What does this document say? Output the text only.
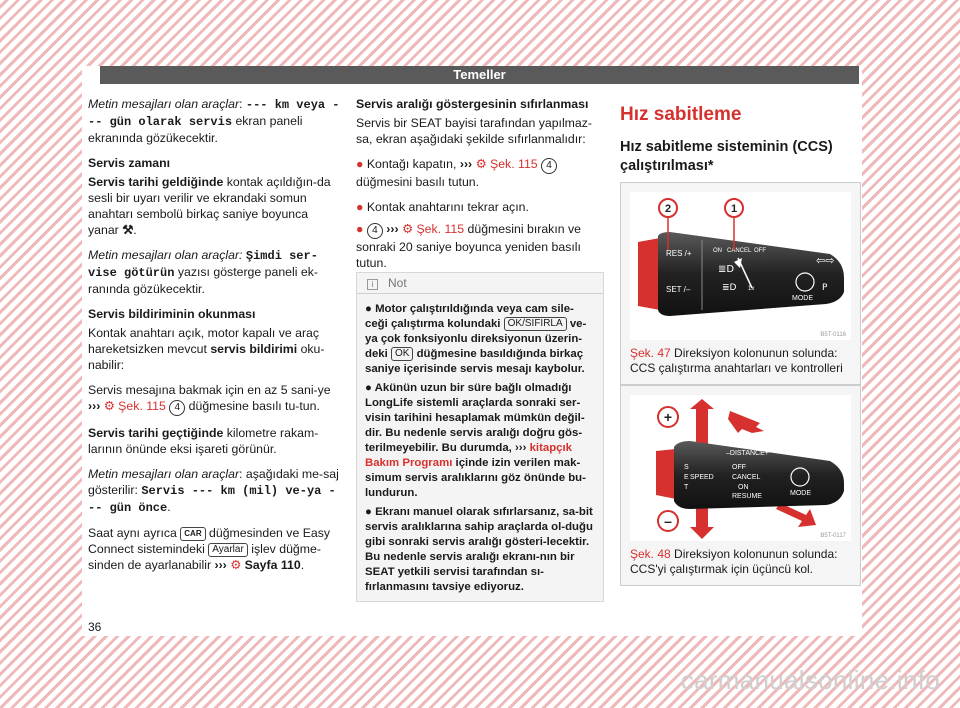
Temeller

Metin mesajları olan araçlar: --- km veya --- gün olarak servis ekran paneli ekranında gözükecektir.

Servis zamanı

Servis tarihi geldiğinde kontak açıldığın-da sesli bir uyarı verilir ve ekrandaki somun anahtarı sembolü birkaç saniye boyunca yanar ⚒.

Metin mesajları olan araçlar: Şimdi ser-vise götürün yazısı gösterge paneli ek-ranında gözükecektir.

Servis bildiriminin okunması

Kontak anahtarı açık, motor kapalı ve araç hareketsizken mevcut servis bildirimi oku-nabilir:

Servis mesajına bakmak için en az 5 sani-ye ››› ⚙ Şek. 115 4 düğmesine basılı tu-tun.

Servis tarihi geçtiğinde kilometre rakam-larının önünde eksi işareti görünür.

Metin mesajları olan araçlar: aşağıdaki me-saj gösterilir: Servis --- km (mil) ve-ya --- gün önce.

Saat aynı ayrıca CAR düğmesinden ve Easy Connect sistemindeki Ayarlar işlev düğme-sinden de ayarlanabilir ››› ⚙ Sayfa 110.

Servis aralığı göstergesinin sıfırlanması

Servis bir SEAT bayisi tarafından yapılmaz-sa, ekran aşağıdaki şekilde sıfırlanmalıdır:

● Kontağı kapatın, ››› ⚙ Şek. 115 4
düğmesini basılı tutun.

● Kontak anahtarını tekrar açın.

● 4 ››› ⚙ Şek. 115 düğmesini bırakın ve sonraki 20 saniye boyunca yeniden basılı tutun.

i Not

● Motor çalıştırıldığında veya cam sile-ceği çalıştırma kolundaki OK/SIFIRLA ve-ya çok fonksiyonlu direksiyonun üzerin-deki OK düğmesine basıldığında birkaç saniye içerisinde servis mesajı kaybolur.

● Akünün uzun bir süre bağlı olmadığı LongLife sistemli araçlarda sonraki ser-visin tarihini hesaplamak mümkün değil-dir. Bu nedenle servis aralığı doğru gös-terilmeyebilir. Bu durumda, ››› kitapçık Bakım Programı içinde izin verilen mak-simum servis aralıklarını göz önünde bu-lundurun.

● Ekranı manuel olarak sıfırlarsanız, sa-bit servis aralıklarına sahip araçlarda ol-duğu gibi sonraki servis aralığı gösteri-lecektir. Bu nedenle servis aralığı ekranı-nın bir SEAT yetkili servisi tarafından sı-fırlanmasını tavsiye ediyoruz.

Hız sabitleme
Hız sabitleme sisteminin (CCS) çalıştırılması*
RES /+
SET /–
ON CANCEL OFF
MODE
1x
≣D
≣D
⇦⇨
P
1
2
B5T-0116
Şek. 47 Direksiyon kolonunun solunda: CCS çalıştırma anahtarları ve kontrolleri
+
–
–DISTANCE+
S
E
T
SPEED
OFF
CANCEL
ON
RESUME	MODE
B5T-0117
Şek. 48 Direksiyon kolonunun solunda: CCS'yi çalıştırmak için üçüncü kol.
36
carmanualsonline.info
